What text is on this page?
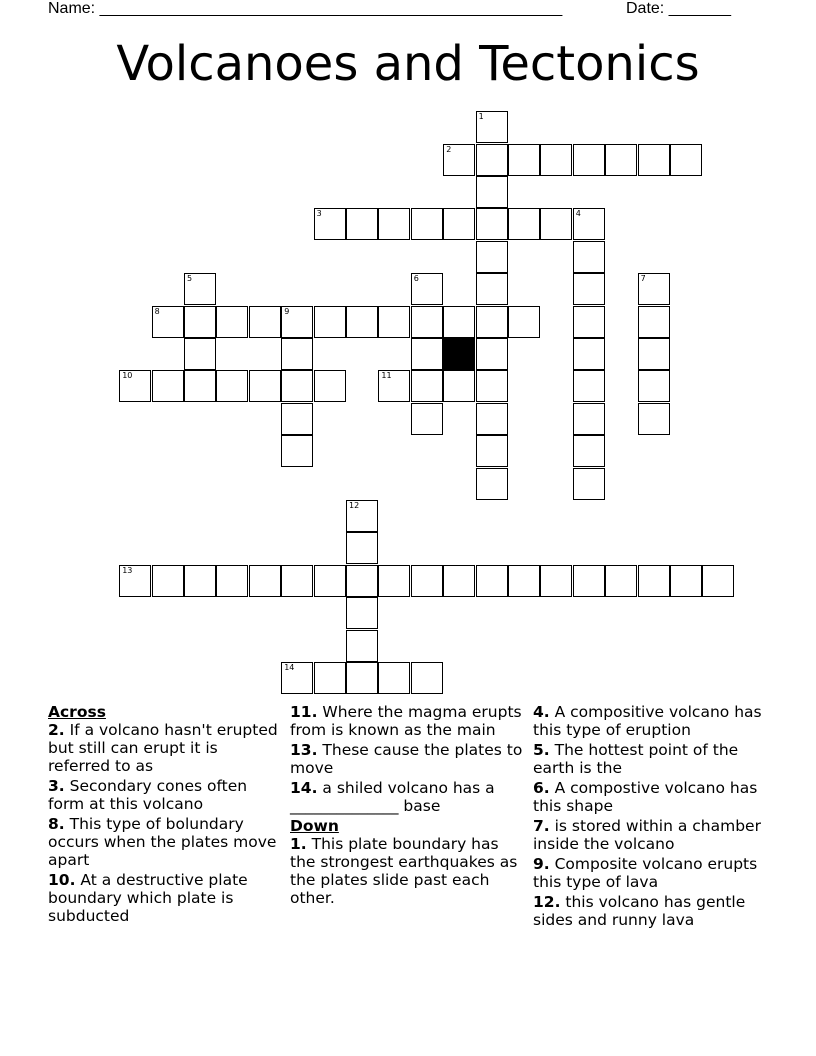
Name: ____________________________________________________	Date: _______
Volcanoes and Tectonics
1
2
3	4
5	6	7
8	9
10	11
12
13
14
Across
2. If a volcano hasn't erupted but still can erupt it is referred to as
3. Secondary cones often form at this volcano
8. This type of bolundary occurs when the plates move apart
10. At a destructive plate boundary which plate is subducted
11. Where the magma erupts from is known as the main
13. These cause the plates to move
14. a shiled volcano has a ______________ base
Down
1. This plate boundary has the strongest earthquakes as the plates slide past each other.
4. A compositive volcano has this type of eruption
5. The hottest point of the earth is the
6. A compostive volcano has this shape
7. is stored within a chamber inside the volcano
9. Composite volcano erupts this type of lava
12. this volcano has gentle sides and runny lava
